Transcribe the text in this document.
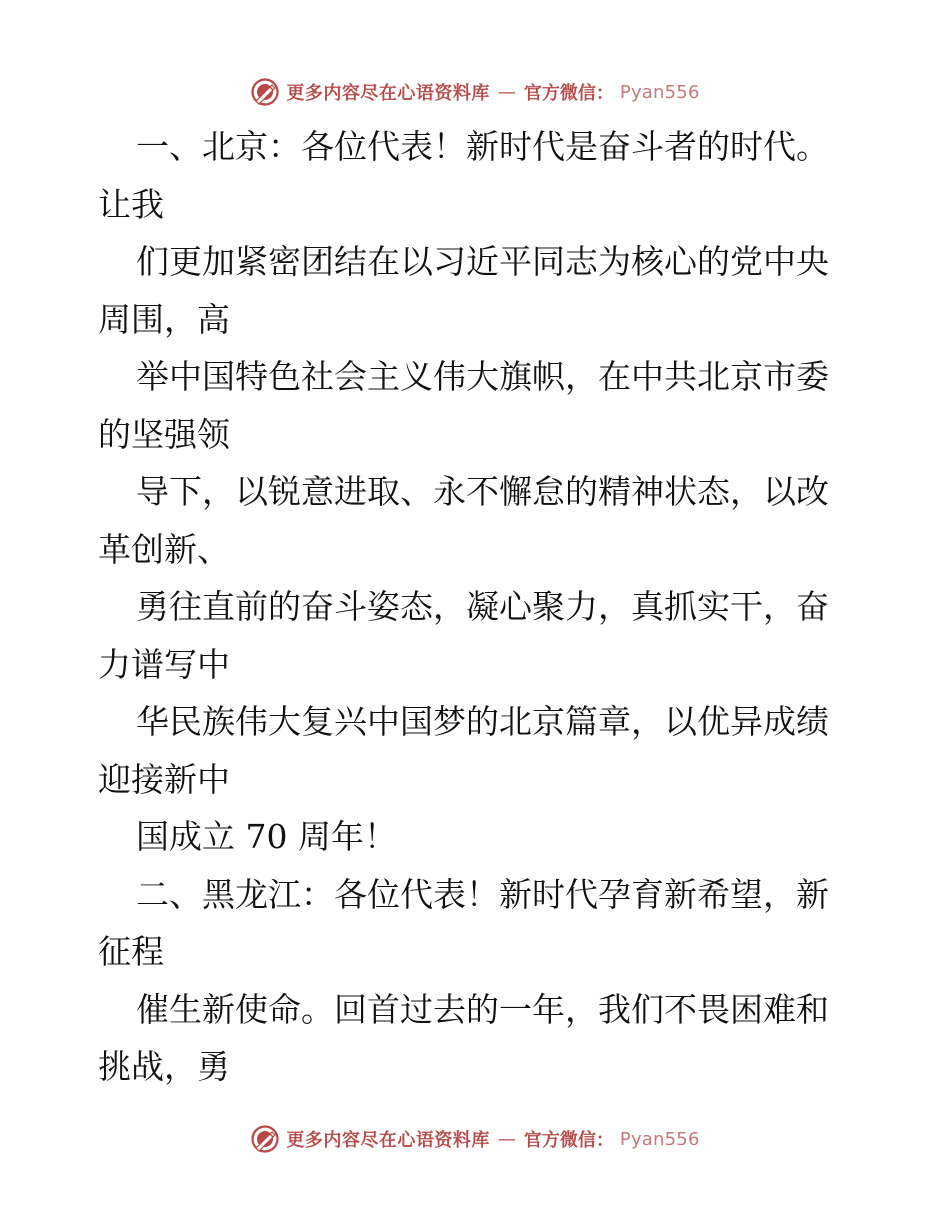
更多内容尽在心语资料库 — 官方微信： Pyan556

一、北京：各位代表！新时代是奋斗者的时代。

让我

们更加紧密团结在以习近平同志为核心的党中央

周围，高

举中国特色社会主义伟大旗帜，在中共北京市委

的坚强领

导下，以锐意进取、永不懈怠的精神状态，以改

革创新、

勇往直前的奋斗姿态，凝心聚力，真抓实干，奋

力谱写中

华民族伟大复兴中国梦的北京篇章，以优异成绩

迎接新中

国成立 70 周年！

二、黑龙江：各位代表！新时代孕育新希望，新

征程

催生新使命。回首过去的一年，我们不畏困难和

挑战，勇

更多内容尽在心语资料库 — 官方微信： Pyan556
